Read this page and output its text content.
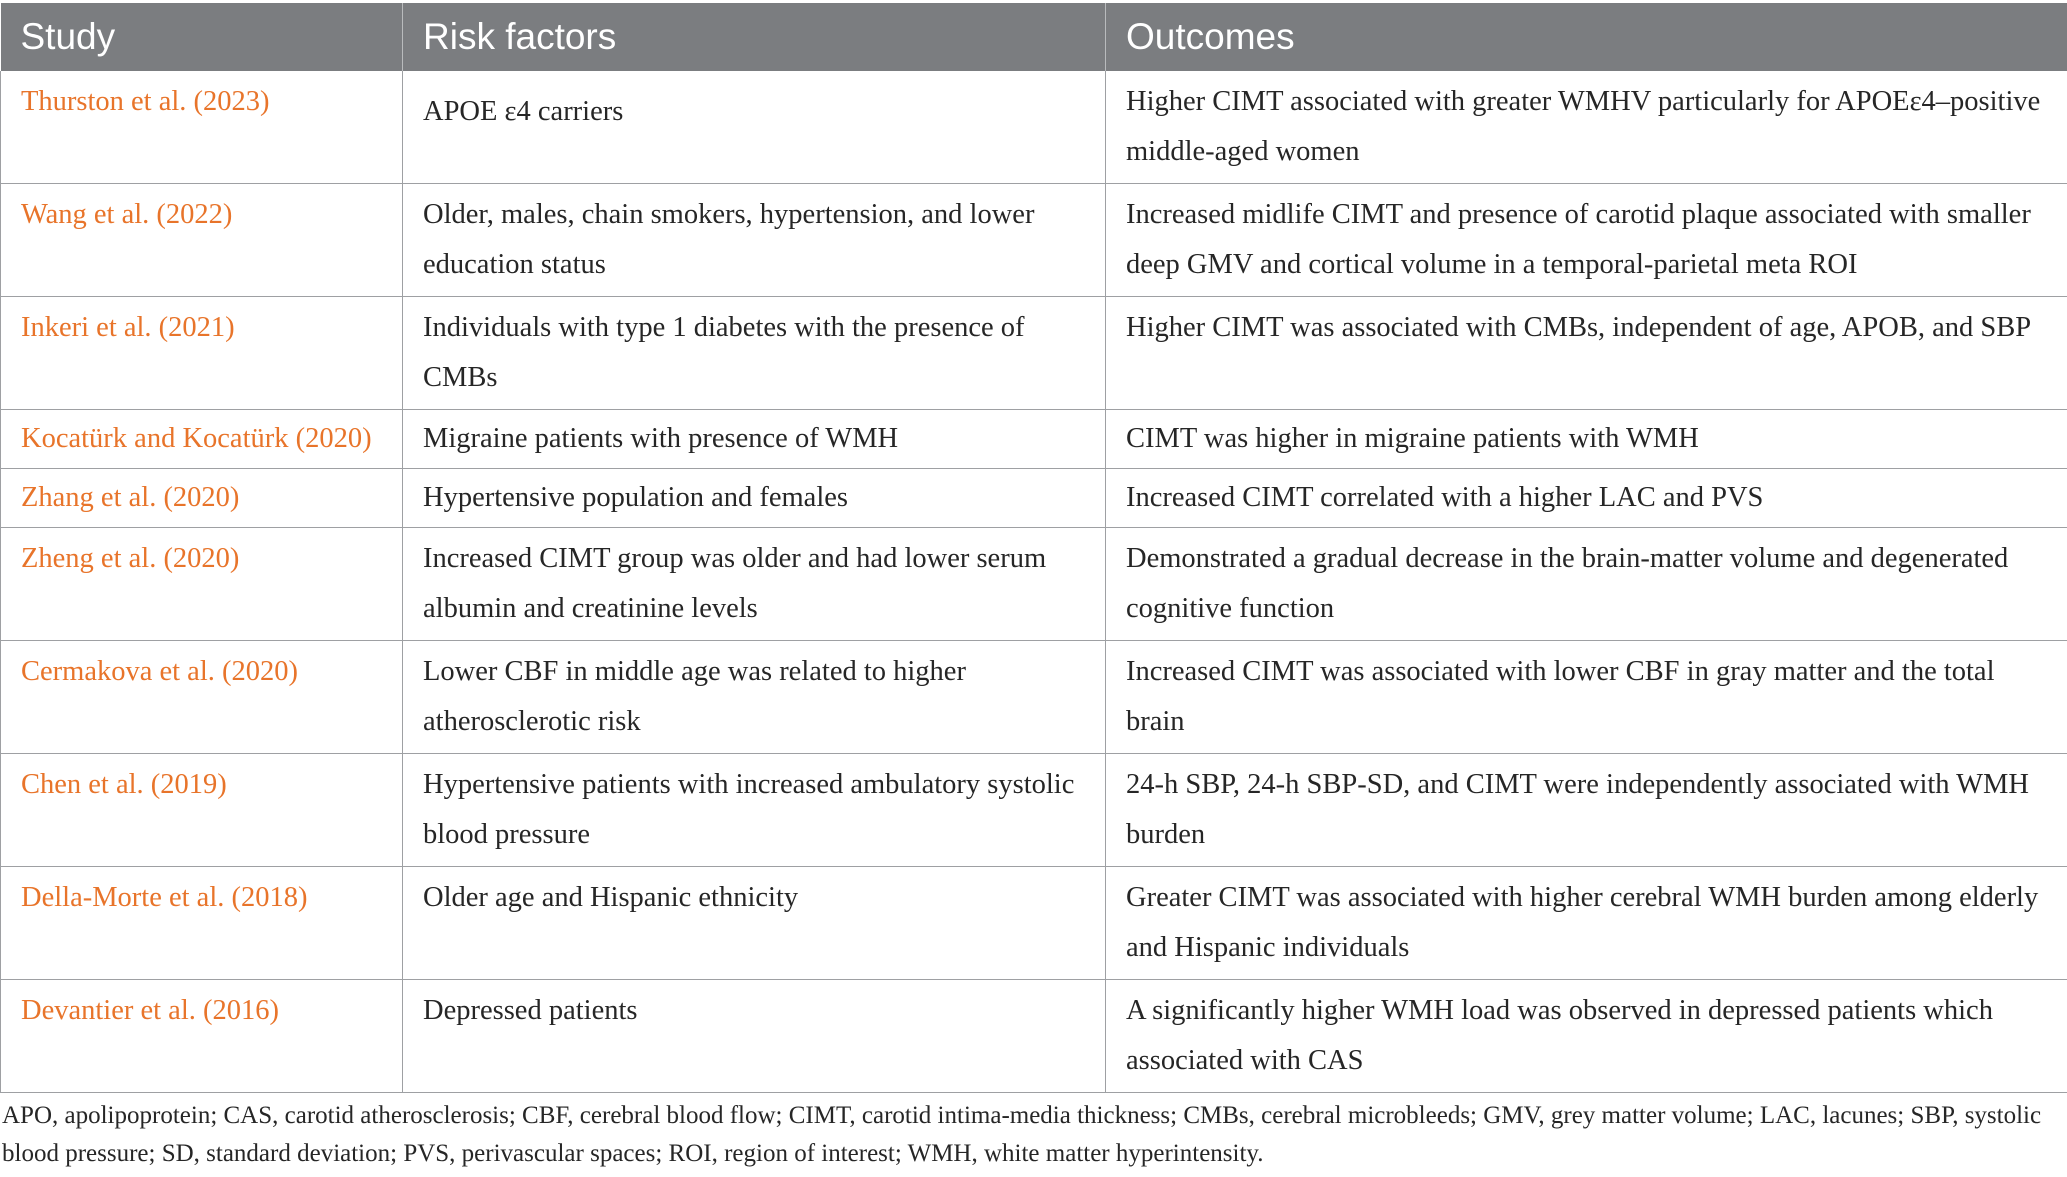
Study	Risk factors	Outcomes
Thurston et al. (2023)	APOE ε4 carriers	Higher CIMT associated with greater WMHV particularly for APOEε4–positive middle-aged women
Wang et al. (2022)	Older, males, chain smokers, hypertension, and lower education status	Increased midlife CIMT and presence of carotid plaque associated with smaller deep GMV and cortical volume in a temporal-parietal meta ROI
Inkeri et al. (2021)	Individuals with type 1 diabetes with the presence of CMBs	Higher CIMT was associated with CMBs, independent of age, APOB, and SBP
Kocatürk and Kocatürk (2020)	Migraine patients with presence of WMH	CIMT was higher in migraine patients with WMH
Zhang et al. (2020)	Hypertensive population and females	Increased CIMT correlated with a higher LAC and PVS
Zheng et al. (2020)	Increased CIMT group was older and had lower serum albumin and creatinine levels	Demonstrated a gradual decrease in the brain-matter volume and degenerated cognitive function
Cermakova et al. (2020)	Lower CBF in middle age was related to higher atherosclerotic risk	Increased CIMT was associated with lower CBF in gray matter and the total brain
Chen et al. (2019)	Hypertensive patients with increased ambulatory systolic blood pressure	24-h SBP, 24-h SBP-SD, and CIMT were independently associated with WMH burden
Della-Morte et al. (2018)	Older age and Hispanic ethnicity	Greater CIMT was associated with higher cerebral WMH burden among elderly and Hispanic individuals
Devantier et al. (2016)	Depressed patients	A significantly higher WMH load was observed in depressed patients which associated with CAS
APO, apolipoprotein; CAS, carotid atherosclerosis; CBF, cerebral blood flow; CIMT, carotid intima-media thickness; CMBs, cerebral microbleeds; GMV, grey matter volume; LAC, lacunes; SBP, systolic blood pressure; SD, standard deviation; PVS, perivascular spaces; ROI, region of interest; WMH, white matter hyperintensity.
